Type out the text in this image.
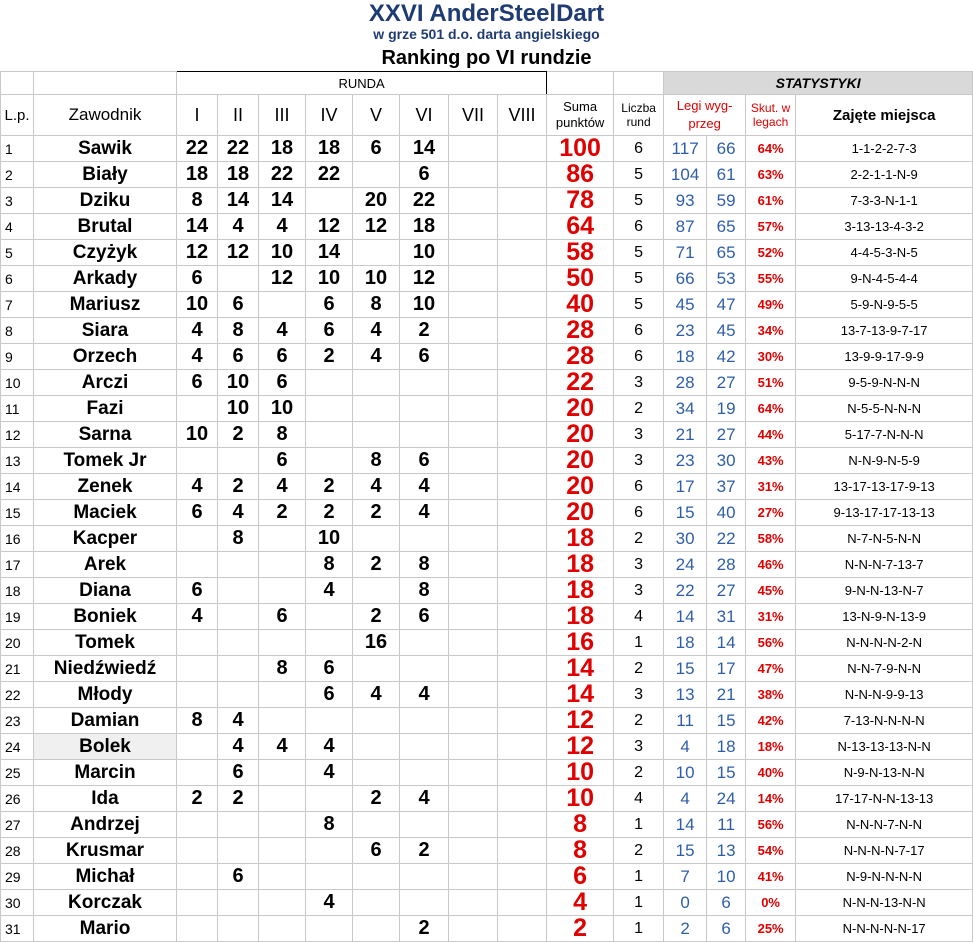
XXVI AnderSteelDart
w grze 501 d.o. darta angielskiego
Ranking po VI rundzie
		RUNDA										STATYSTYKI			
L.p.	Zawodnik	I	II	III	IV	V	VI	VII	VIII	Suma punktów	Liczba rund	Legi wyg-przeg		Skut. w legach	Zajęte miejsca
1	Sawik	22	22	18	18	6	14			100	6	117	66	64%	1-1-2-2-7-3
2	Biały	18	18	22	22		6			86	5	104	61	63%	2-2-1-1-N-9
3	Dziku	8	14	14		20	22			78	5	93	59	61%	7-3-3-N-1-1
4	Brutal	14	4	4	12	12	18			64	6	87	65	57%	3-13-13-4-3-2
5	Czyżyk	12	12	10	14		10			58	5	71	65	52%	4-4-5-3-N-5
6	Arkady	6		12	10	10	12			50	5	66	53	55%	9-N-4-5-4-4
7	Mariusz	10	6		6	8	10			40	5	45	47	49%	5-9-N-9-5-5
8	Siara	4	8	4	6	4	2			28	6	23	45	34%	13-7-13-9-7-17
9	Orzech	4	6	6	2	4	6			28	6	18	42	30%	13-9-9-17-9-9
10	Arczi	6	10	6						22	3	28	27	51%	9-5-9-N-N-N
11	Fazi		10	10						20	2	34	19	64%	N-5-5-N-N-N
12	Sarna	10	2	8						20	3	21	27	44%	5-17-7-N-N-N
13	Tomek Jr			6		8	6			20	3	23	30	43%	N-N-9-N-5-9
14	Zenek	4	2	4	2	4	4			20	6	17	37	31%	13-17-13-17-9-13
15	Maciek	6	4	2	2	2	4			20	6	15	40	27%	9-13-17-17-13-13
16	Kacper		8		10					18	2	30	22	58%	N-7-N-5-N-N
17	Arek				8	2	8			18	3	24	28	46%	N-N-N-7-13-7
18	Diana	6			4		8			18	3	22	27	45%	9-N-N-13-N-7
19	Boniek	4		6		2	6			18	4	14	31	31%	13-N-9-N-13-9
20	Tomek					16				16	1	18	14	56%	N-N-N-N-2-N
21	Niedźwiedź			8	6					14	2	15	17	47%	N-N-7-9-N-N
22	Młody				6	4	4			14	3	13	21	38%	N-N-N-9-9-13
23	Damian	8	4							12	2	11	15	42%	7-13-N-N-N-N
24	Bolek		4	4	4					12	3	4	18	18%	N-13-13-13-N-N
25	Marcin		6		4					10	2	10	15	40%	N-9-N-13-N-N
26	Ida	2	2			2	4			10	4	4	24	14%	17-17-N-N-13-13
27	Andrzej				8					8	1	14	11	56%	N-N-N-7-N-N
28	Krusmar					6	2			8	2	15	13	54%	N-N-N-N-7-17
29	Michał		6							6	1	7	10	41%	N-9-N-N-N-N
30	Korczak				4					4	1	0	6	0%	N-N-N-13-N-N
31	Mario						2			2	1	2	6	25%	N-N-N-N-N-17
